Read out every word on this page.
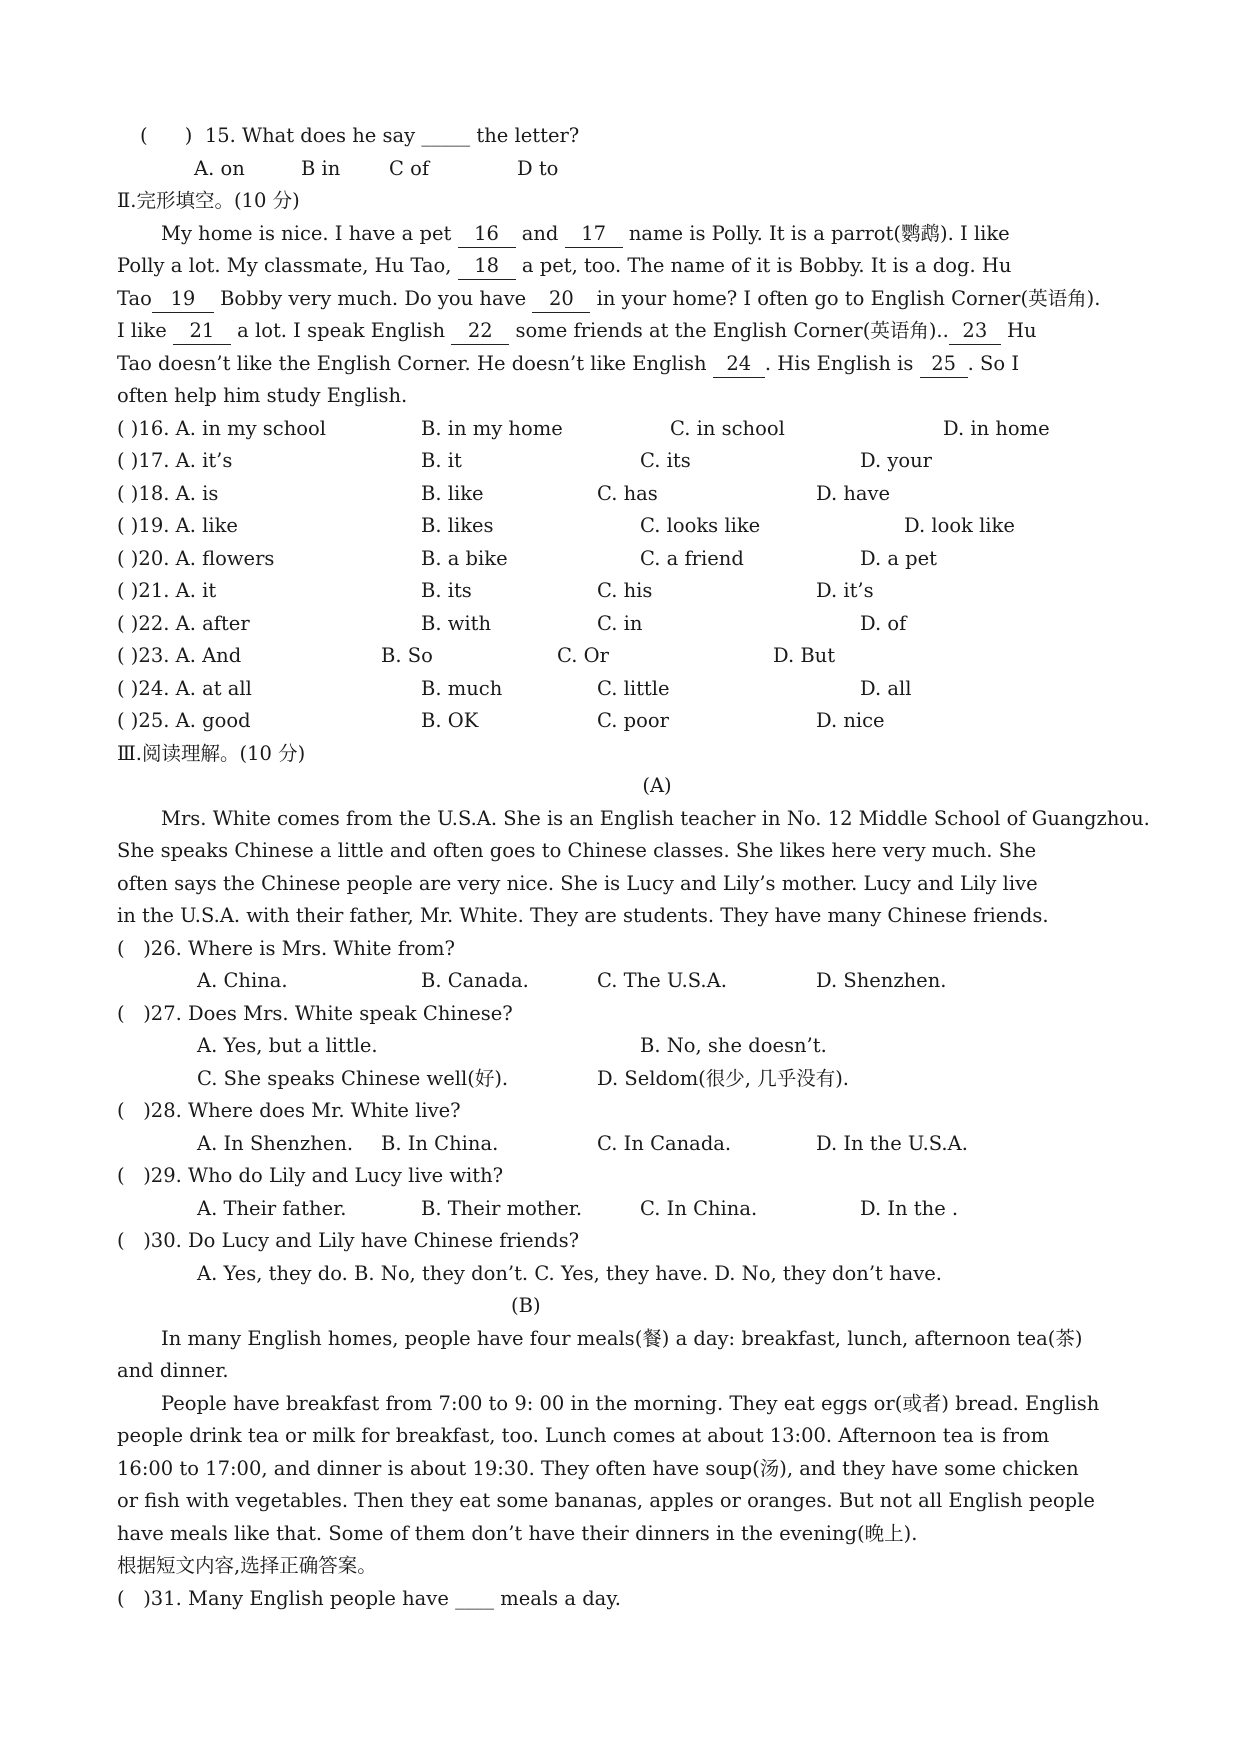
(      ) 15. What does he say _____ the letter?
A. on	B in C of	D to
Ⅱ.完形填空。(10 分)
My home is nice. I have a pet 16 and 17 name is Polly. It is a parrot(鹦鹉). I like
Polly a lot. My classmate, Hu Tao, 18 a pet, too. The name of it is Bobby. It is a dog. Hu
Tao 19 Bobby very much. Do you have 20 in your home? I often go to English Corner(英语角).
I like 21 a lot. I speak English 22 some friends at the English Corner(英语角).. 23 Hu
Tao doesn’t like the English Corner. He doesn’t like English 24 . His English is 25 . So I
often help him study English.
( )16. A. in my school	B. in my home	C. in school	D. in home
( )17. A. it’s	B. it	C. its	D. your
( )18. A. is	B. like	C. has	D. have
( )19. A. like	B. likes	C. looks like	D. look like
( )20. A. flowers	B. a bike	C. a friend	D. a pet
( )21. A. it	B. its	C. his	D. it’s
( )22. A. after	B. with	C. in	D. of
( )23. A. And	B. So	C. Or	D. But
( )24. A. at all	B. much	C. little	D. all
( )25. A. good	B. OK	C. poor	D. nice
Ⅲ.阅读理解。(10 分)
(A)
Mrs. White comes from the U.S.A. She is an English teacher in No. 12 Middle School of Guangzhou.
She speaks Chinese a little and often goes to Chinese classes. She likes here very much. She
often says the Chinese people are very nice. She is Lucy and Lily’s mother. Lucy and Lily live
in the U.S.A. with their father, Mr. White. They are students. They have many Chinese friends.
(   )26. Where is Mrs. White from?
A. China.	B. Canada.	C. The U.S.A.	D. Shenzhen.
(   )27. Does Mrs. White speak Chinese?
A. Yes, but a little.	B. No, she doesn’t.
C. She speaks Chinese well(好).	D. Seldom(很少, 几乎没有).
(   )28. Where does Mr. White live?
A. In Shenzhen. B. In China.	C. In Canada.	D. In the U.S.A.
(   )29. Who do Lily and Lucy live with?
A. Their father.	B. Their mother.	C. In China.	D. In the .
(   )30. Do Lucy and Lily have Chinese friends?
A. Yes, they do. B. No, they don’t. C. Yes, they have. D. No, they don’t have.
(B)
In many English homes, people have four meals(餐) a day: breakfast, lunch, afternoon tea(茶)
and dinner.
People have breakfast from 7:00 to 9: 00 in the morning. They eat eggs or(或者) bread. English
people drink tea or milk for breakfast, too. Lunch comes at about 13:00. Afternoon tea is from
16:00 to 17:00, and dinner is about 19:30. They often have soup(汤), and they have some chicken
or fish with vegetables. Then they eat some bananas, apples or oranges. But not all English people
have meals like that. Some of them don’t have their dinners in the evening(晚上).
根据短文内容,选择正确答案。
(   )31. Many English people have ____ meals a day.
